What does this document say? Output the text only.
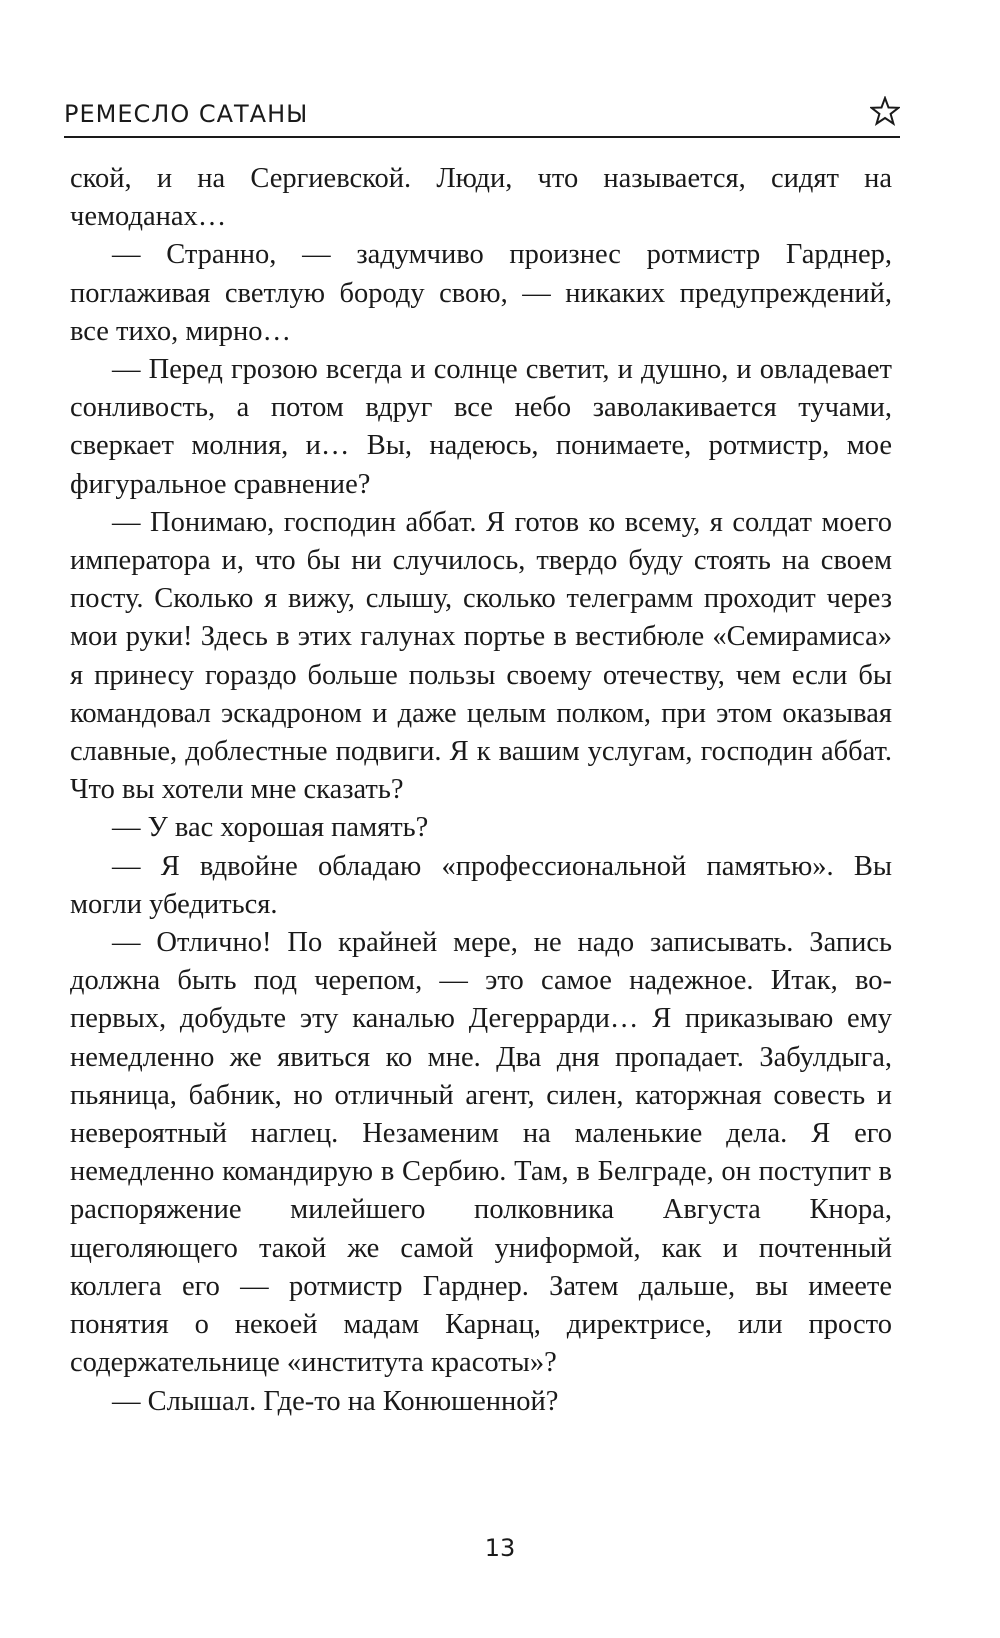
РЕМЕСЛО САТАНЫ

ской, и на Сергиевской. Люди, что называется, сидят на чемоданах…

— Странно, — задумчиво произнес ротмистр Гарднер, поглаживая светлую бороду свою, — никаких предупреждений, все тихо, мирно…

— Перед грозою всегда и солнце светит, и душно, и овладевает сонливость, а потом вдруг все небо заволакивается тучами, сверкает молния, и… Вы, надеюсь, понимаете, ротмистр, мое фигуральное сравнение?

— Понимаю, господин аббат. Я готов ко всему, я солдат моего императора и, что бы ни случилось, твердо буду стоять на своем посту. Сколько я вижу, слышу, сколько телеграмм проходит через мои руки! Здесь в этих галунах портье в вестибюле «Семирамиса» я принесу гораздо больше пользы своему отечеству, чем если бы командовал эскадроном и даже целым полком, при этом оказывая славные, доблестные подвиги. Я к вашим услугам, господин аббат. Что вы хотели мне сказать?

— У вас хорошая память?

— Я вдвойне обладаю «профессиональной памятью». Вы могли убедиться.

— Отлично! По крайней мере, не надо записывать. Запись должна быть под черепом, — это самое надежное. Итак, во-первых, добудьте эту каналью Дегеррарди… Я приказываю ему немедленно же явиться ко мне. Два дня пропадает. Забулдыга, пьяница, бабник, но отличный агент, силен, каторжная совесть и невероятный наглец. Незаменим на маленькие дела. Я его немедленно командирую в Сербию. Там, в Белграде, он поступит в распоряжение милейшего полковника Августа Кнора, щеголяющего такой же самой униформой, как и почтенный коллега его — ротмистр Гарднер. Затем дальше, вы имеете понятия о некоей мадам Карнац, директрисе, или просто содержательнице «института красоты»?

— Слышал. Где-то на Конюшенной?

13
